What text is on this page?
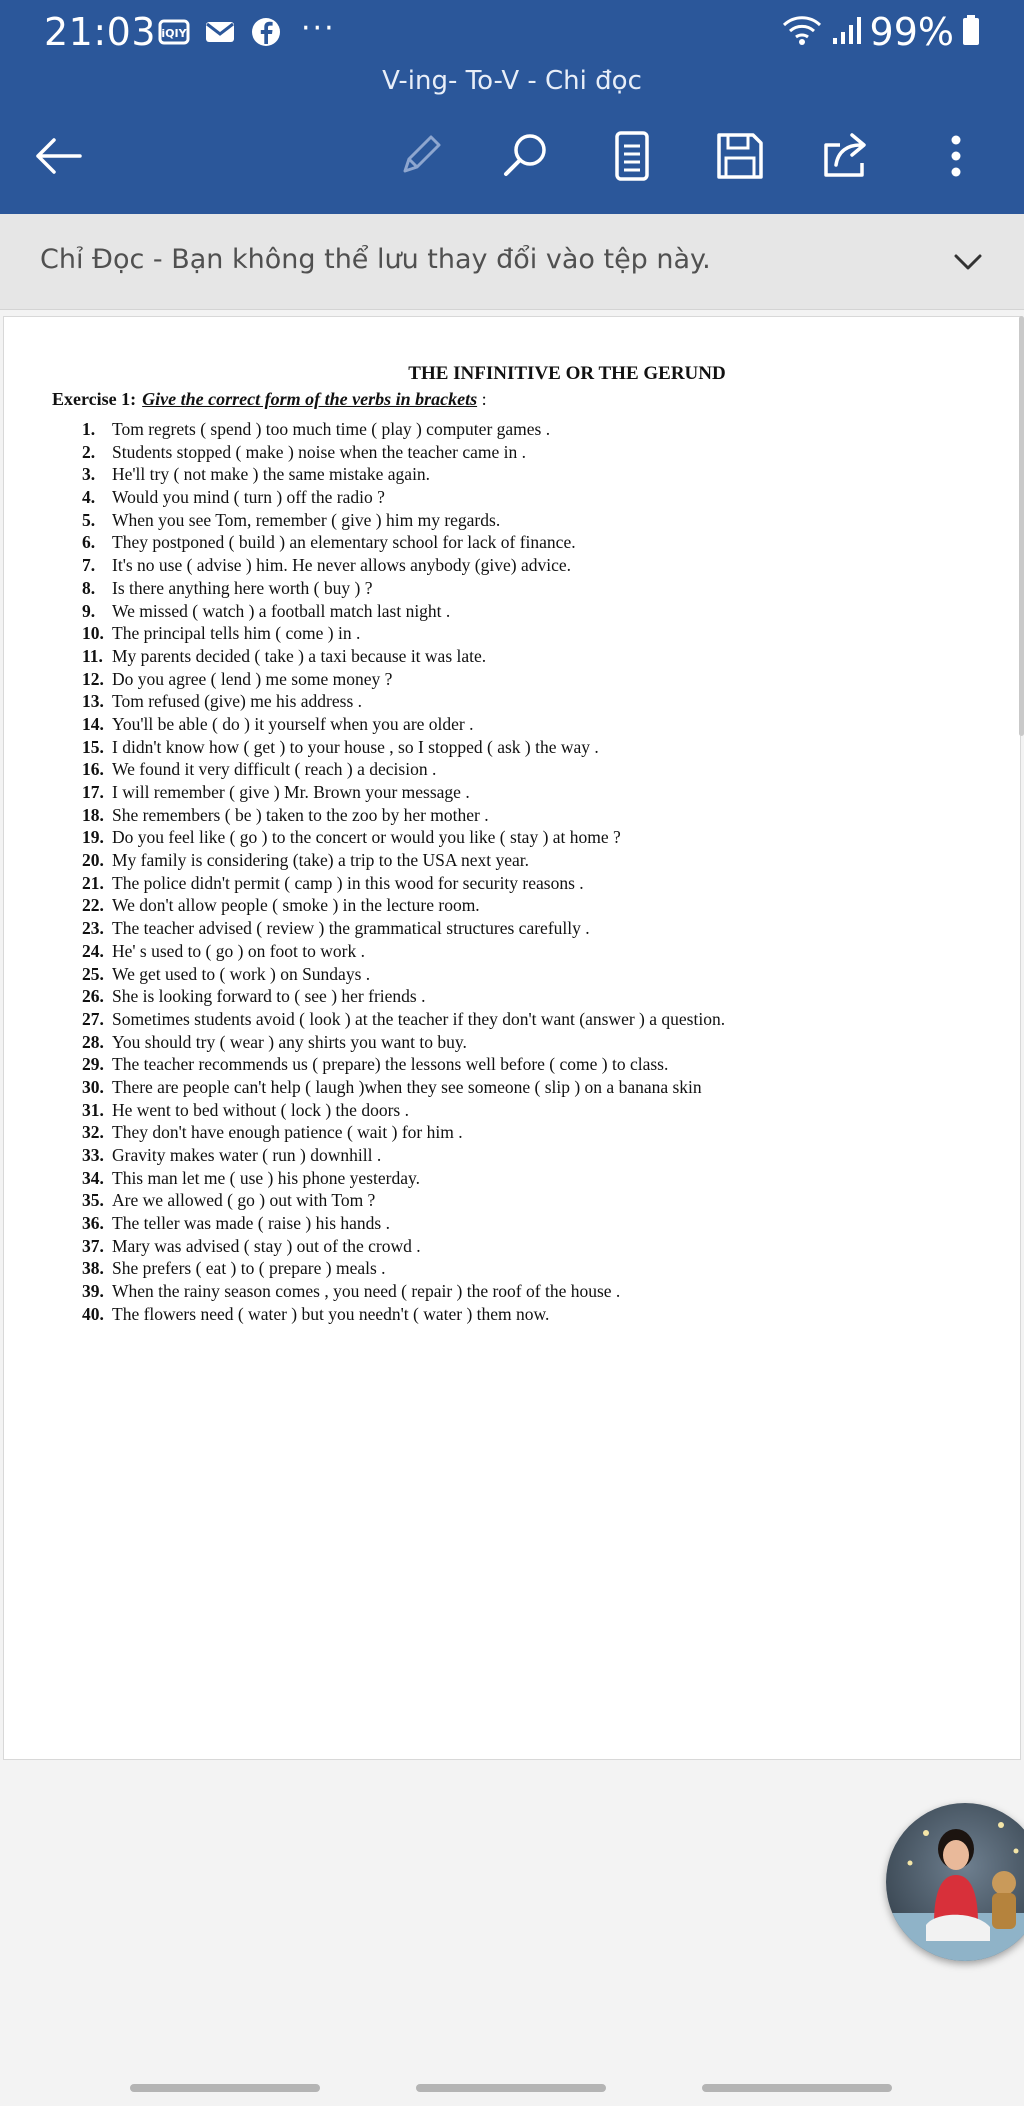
21:03 iQIY	···	99%
V-ing- To-V - Chi đọc
Chỉ Đọc - Bạn không thể lưu thay đổi vào tệp này.
THE INFINITIVE OR THE GERUND
Exercise 1: Give the correct form of the verbs in brackets :
1. Tom regrets ( spend ) too much time ( play ) computer games .
2. Students stopped ( make ) noise when the teacher came in .
3. He'll try ( not make ) the same mistake again.
4. Would you mind ( turn ) off the radio ?
5. When you see Tom, remember ( give ) him my regards.
6. They postponed ( build ) an elementary school for lack of finance.
7. It's no use ( advise ) him. He never allows anybody (give) advice.
8. Is there anything here worth ( buy ) ?
9. We missed ( watch ) a football match last night .
10. The principal tells him ( come ) in .
11. My parents decided ( take ) a taxi because it was late.
12. Do you agree ( lend ) me some money ?
13. Tom refused (give) me his address .
14. You'll be able ( do ) it yourself when you are older .
15. I didn't know how ( get ) to your house , so I stopped ( ask ) the way .
16. We found it very difficult ( reach ) a decision .
17. I will remember ( give ) Mr. Brown your message .
18. She remembers ( be ) taken to the zoo by her mother .
19. Do you feel like ( go ) to the concert or would you like ( stay ) at home ?
20. My family is considering (take) a trip to the USA next year.
21. The police didn't permit ( camp ) in this wood for security reasons .
22. We don't allow people ( smoke ) in the lecture room.
23. The teacher advised ( review ) the grammatical structures carefully .
24. He' s used to ( go ) on foot to work .
25. We get used to ( work ) on Sundays .
26. She is looking forward to ( see ) her friends .
27. Sometimes students avoid ( look ) at the teacher if they don't want (answer ) a question.
28. You should try ( wear ) any shirts you want to buy.
29. The teacher recommends us ( prepare) the lessons well before ( come ) to class.
30. There are people can't help ( laugh )when they see someone ( slip ) on a banana skin
31. He went to bed without ( lock ) the doors .
32. They don't have enough patience ( wait ) for him .
33. Gravity makes water ( run ) downhill .
34. This man let me ( use ) his phone yesterday.
35. Are we allowed ( go ) out with Tom ?
36. The teller was made ( raise ) his hands .
37. Mary was advised ( stay ) out of the crowd .
38. She prefers ( eat ) to ( prepare ) meals .
39. When the rainy season comes , you need ( repair ) the roof of the house .
40. The flowers need ( water ) but you needn't ( water ) them now.
